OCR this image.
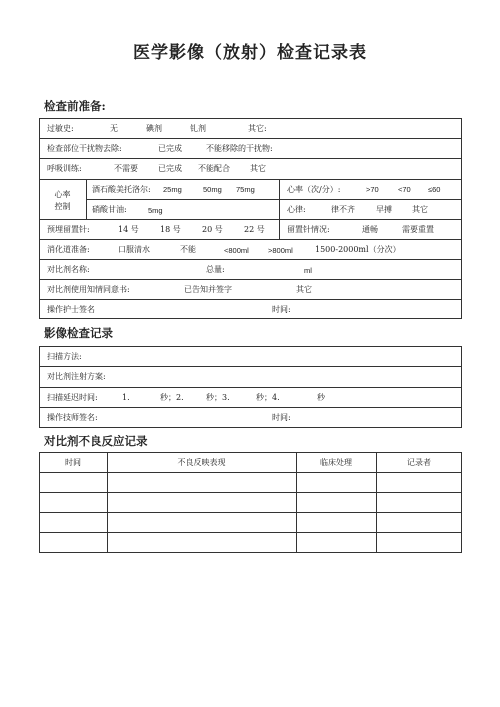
医学影像（放射）检查记录表
检查前准备:
过敏史:	无	碘剂	钆剂	其它:
检查部位干扰物去除:	已完成	不能移除的干扰物:
呼吸训练:	不需要	已完成 不能配合	其它
心率
控制
酒石酸美托洛尔: 25mg	50mg 75mg	心率（次/分）:	>70	<70 ≤60
硝酸甘油:	5mg	心律:	律不齐	早搏	其它
预埋留置针:	14 号	18 号	20 号	22 号	留置针情况:	通畅	需要重置
消化道准备:	口服清水	不能	<800ml	>800ml	1500-2000ml（分次）
对比剂名称:	总量:	ml
对比剂使用知情同意书:	已告知并签字	其它
操作护士签名	时间:
影像检查记录
扫描方法:
对比剂注射方案:
扫描延迟时间:	1.	秒；2.	秒；3.	秒；4.	秒
操作技师签名:	时间:
对比剂不良反应记录
时间	不良反映表现	临床处理	记录者
